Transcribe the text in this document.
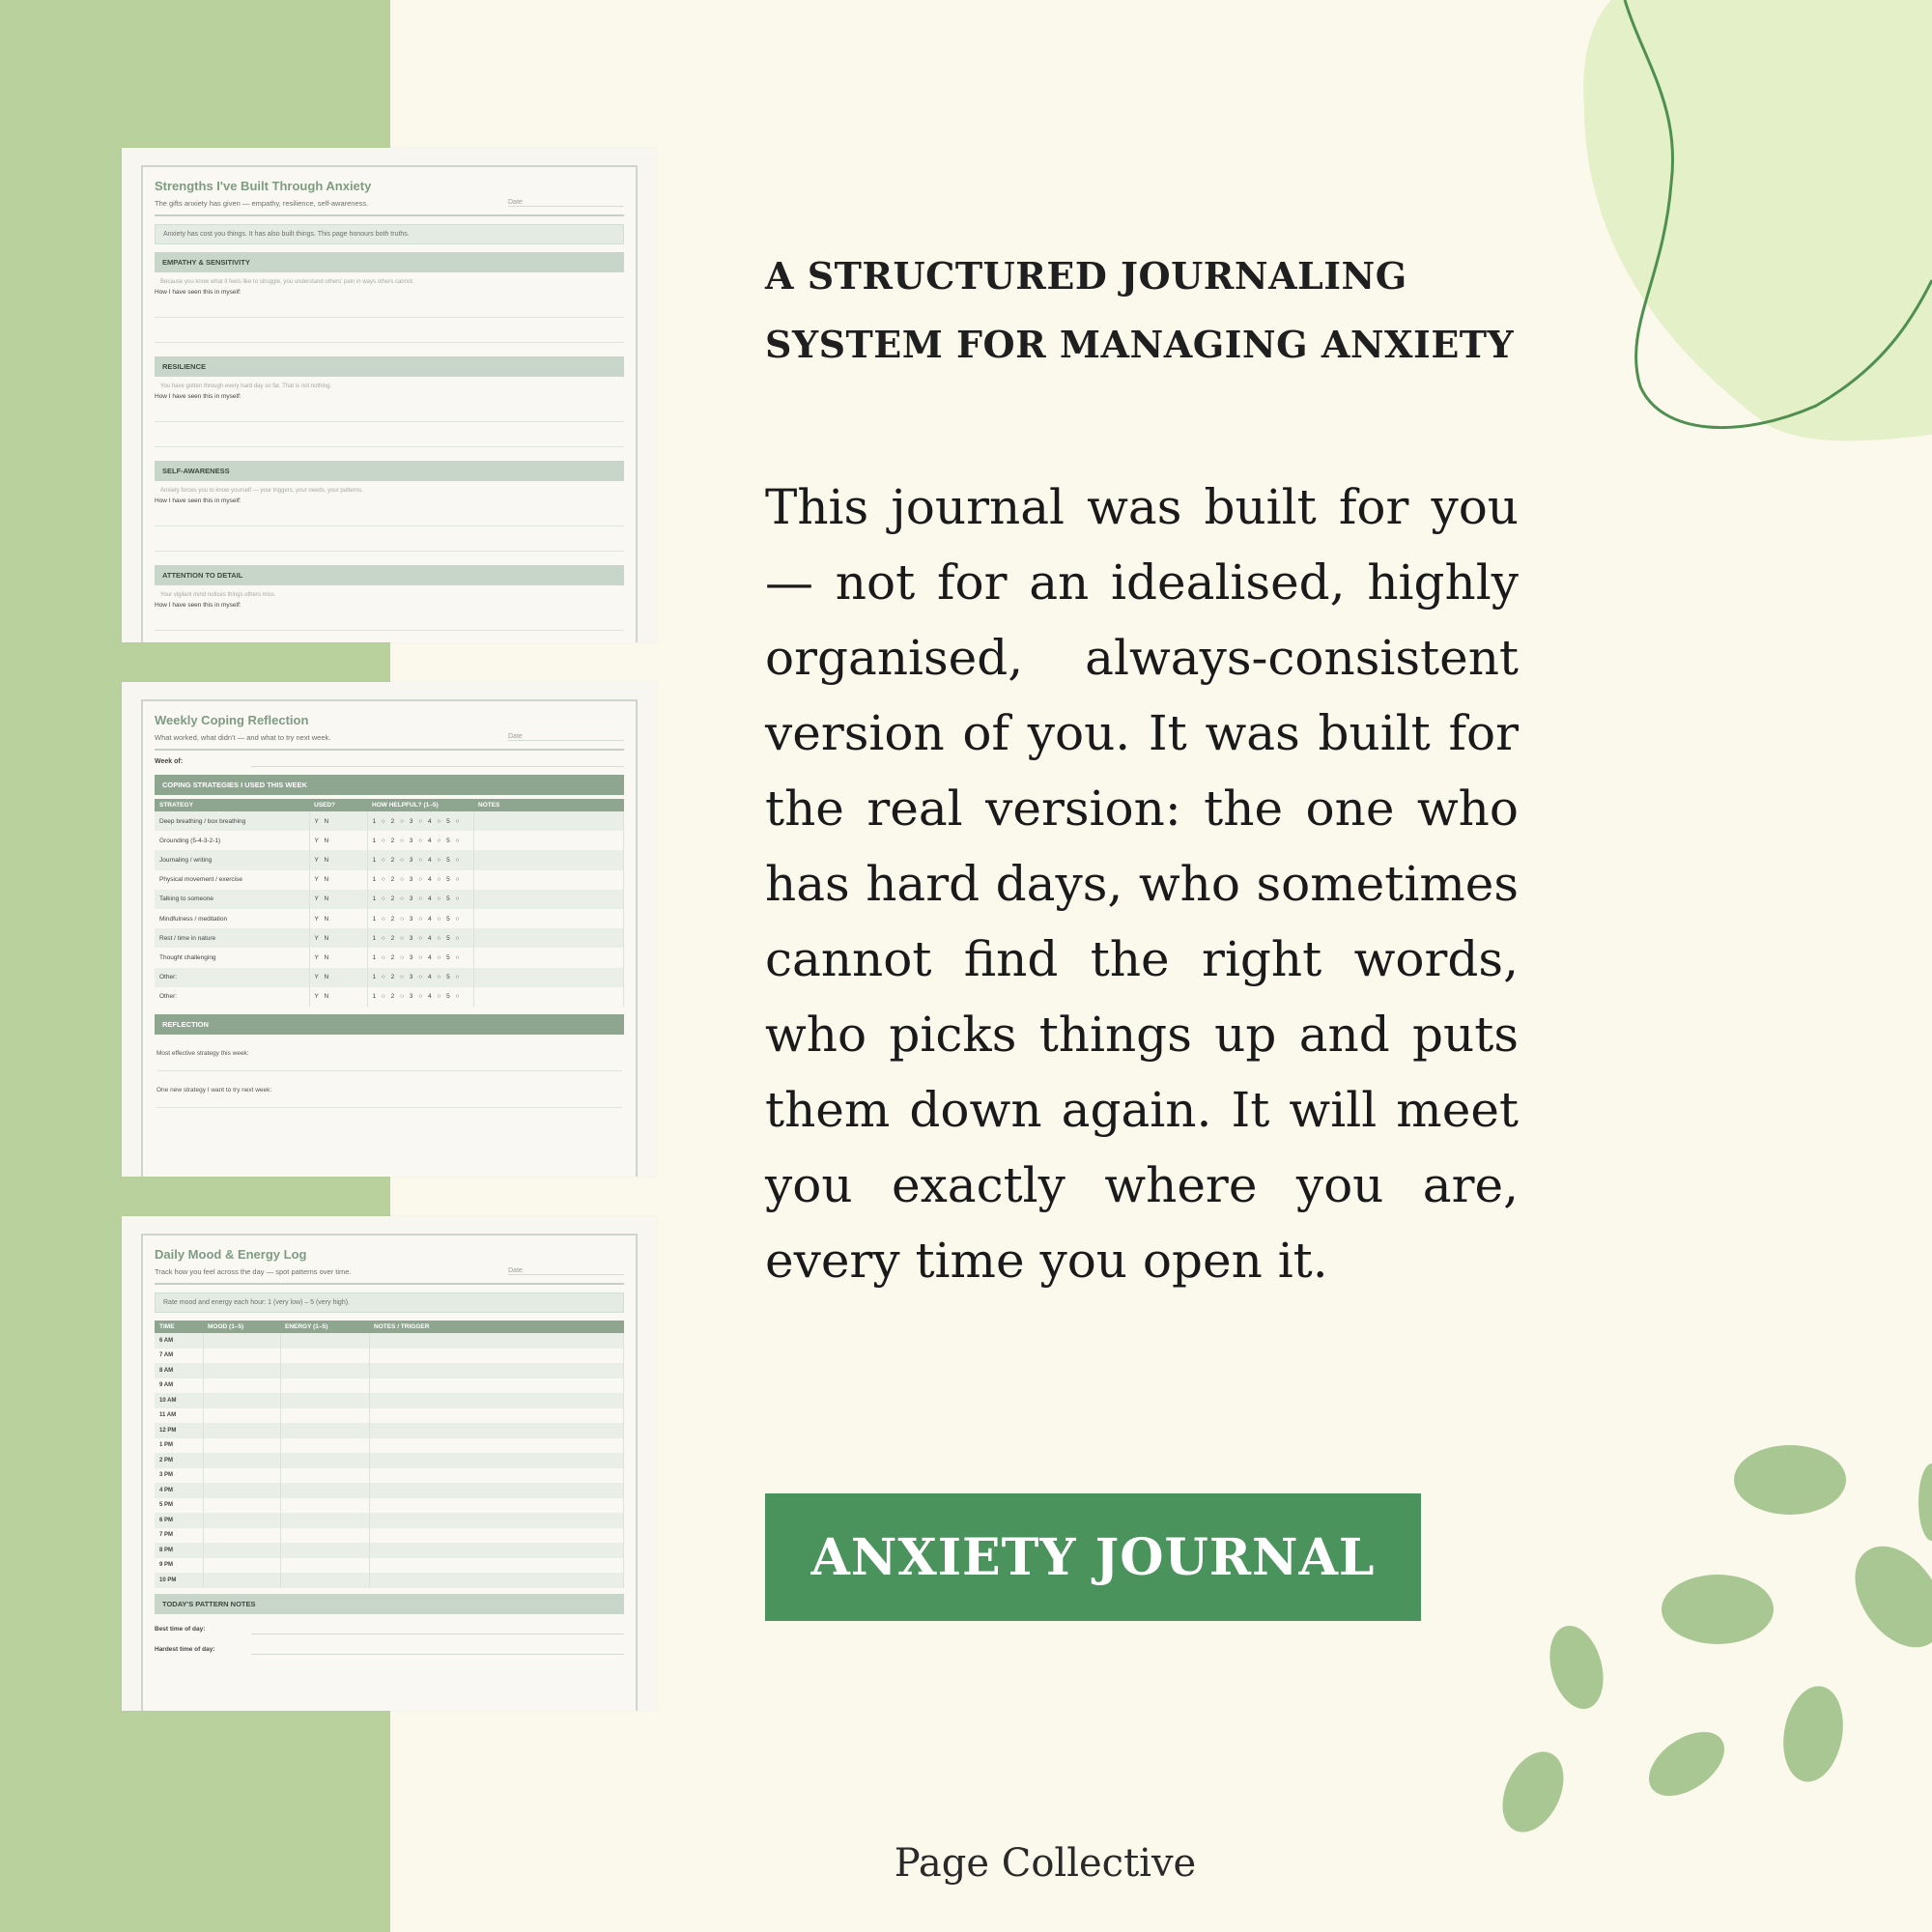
Strengths I've Built Through Anxiety
The gifts anxiety has given — empathy, resilience, self-awareness.	Date
Anxiety has cost you things. It has also built things. This page honours both truths.
EMPATHY & SENSITIVITY
Because you know what it feels like to struggle, you understand others' pain in ways others cannot.
How I have seen this in myself:
RESILIENCE
You have gotten through every hard day so far. That is not nothing.
How I have seen this in myself:
SELF-AWARENESS
Anxiety forces you to know yourself — your triggers, your needs, your patterns.
How I have seen this in myself:
ATTENTION TO DETAIL
Your vigilant mind notices things others miss.
How I have seen this in myself:
Weekly Coping Reflection
What worked, what didn't — and what to try next week.	Date
Week of:
COPING STRATEGIES I USED THIS WEEK
STRATEGY	USED?	HOW HELPFUL? (1–5)	NOTES
Deep breathing / box breathing	Y N	1 ○ 2 ○ 3 ○ 4 ○ 5 ○	
Grounding (5-4-3-2-1)	Y N	1 ○ 2 ○ 3 ○ 4 ○ 5 ○	
Journaling / writing	Y N	1 ○ 2 ○ 3 ○ 4 ○ 5 ○	
Physical movement / exercise	Y N	1 ○ 2 ○ 3 ○ 4 ○ 5 ○	
Talking to someone	Y N	1 ○ 2 ○ 3 ○ 4 ○ 5 ○	
Mindfulness / meditation	Y N	1 ○ 2 ○ 3 ○ 4 ○ 5 ○	
Rest / time in nature	Y N	1 ○ 2 ○ 3 ○ 4 ○ 5 ○	
Thought challenging	Y N	1 ○ 2 ○ 3 ○ 4 ○ 5 ○	
Other:	Y N	1 ○ 2 ○ 3 ○ 4 ○ 5 ○	
Other:	Y N	1 ○ 2 ○ 3 ○ 4 ○ 5 ○	
REFLECTION
Most effective strategy this week:
One new strategy I want to try next week:
Daily Mood & Energy Log
Track how you feel across the day — spot patterns over time.	Date
Rate mood and energy each hour: 1 (very low) – 5 (very high).
TIME	MOOD (1–5)	ENERGY (1–5)	NOTES / TRIGGER
6 AM			
7 AM			
8 AM			
9 AM			
10 AM			
11 AM			
12 PM			
1 PM			
2 PM			
3 PM			
4 PM			
5 PM			
6 PM			
7 PM			
8 PM			
9 PM			
10 PM			
TODAY'S PATTERN NOTES
Best time of day:
Hardest time of day:
A STRUCTURED JOURNALING
SYSTEM FOR MANAGING ANXIETY
This journal was built for you — not for an idealised, highly organised, always-consistent version of you. It was built for the real version: the one who has hard days, who sometimes cannot find the right words, who picks things up and puts them down again. It will meet you exactly where you are, every time you open it.
ANXIETY JOURNAL
Page Collective
